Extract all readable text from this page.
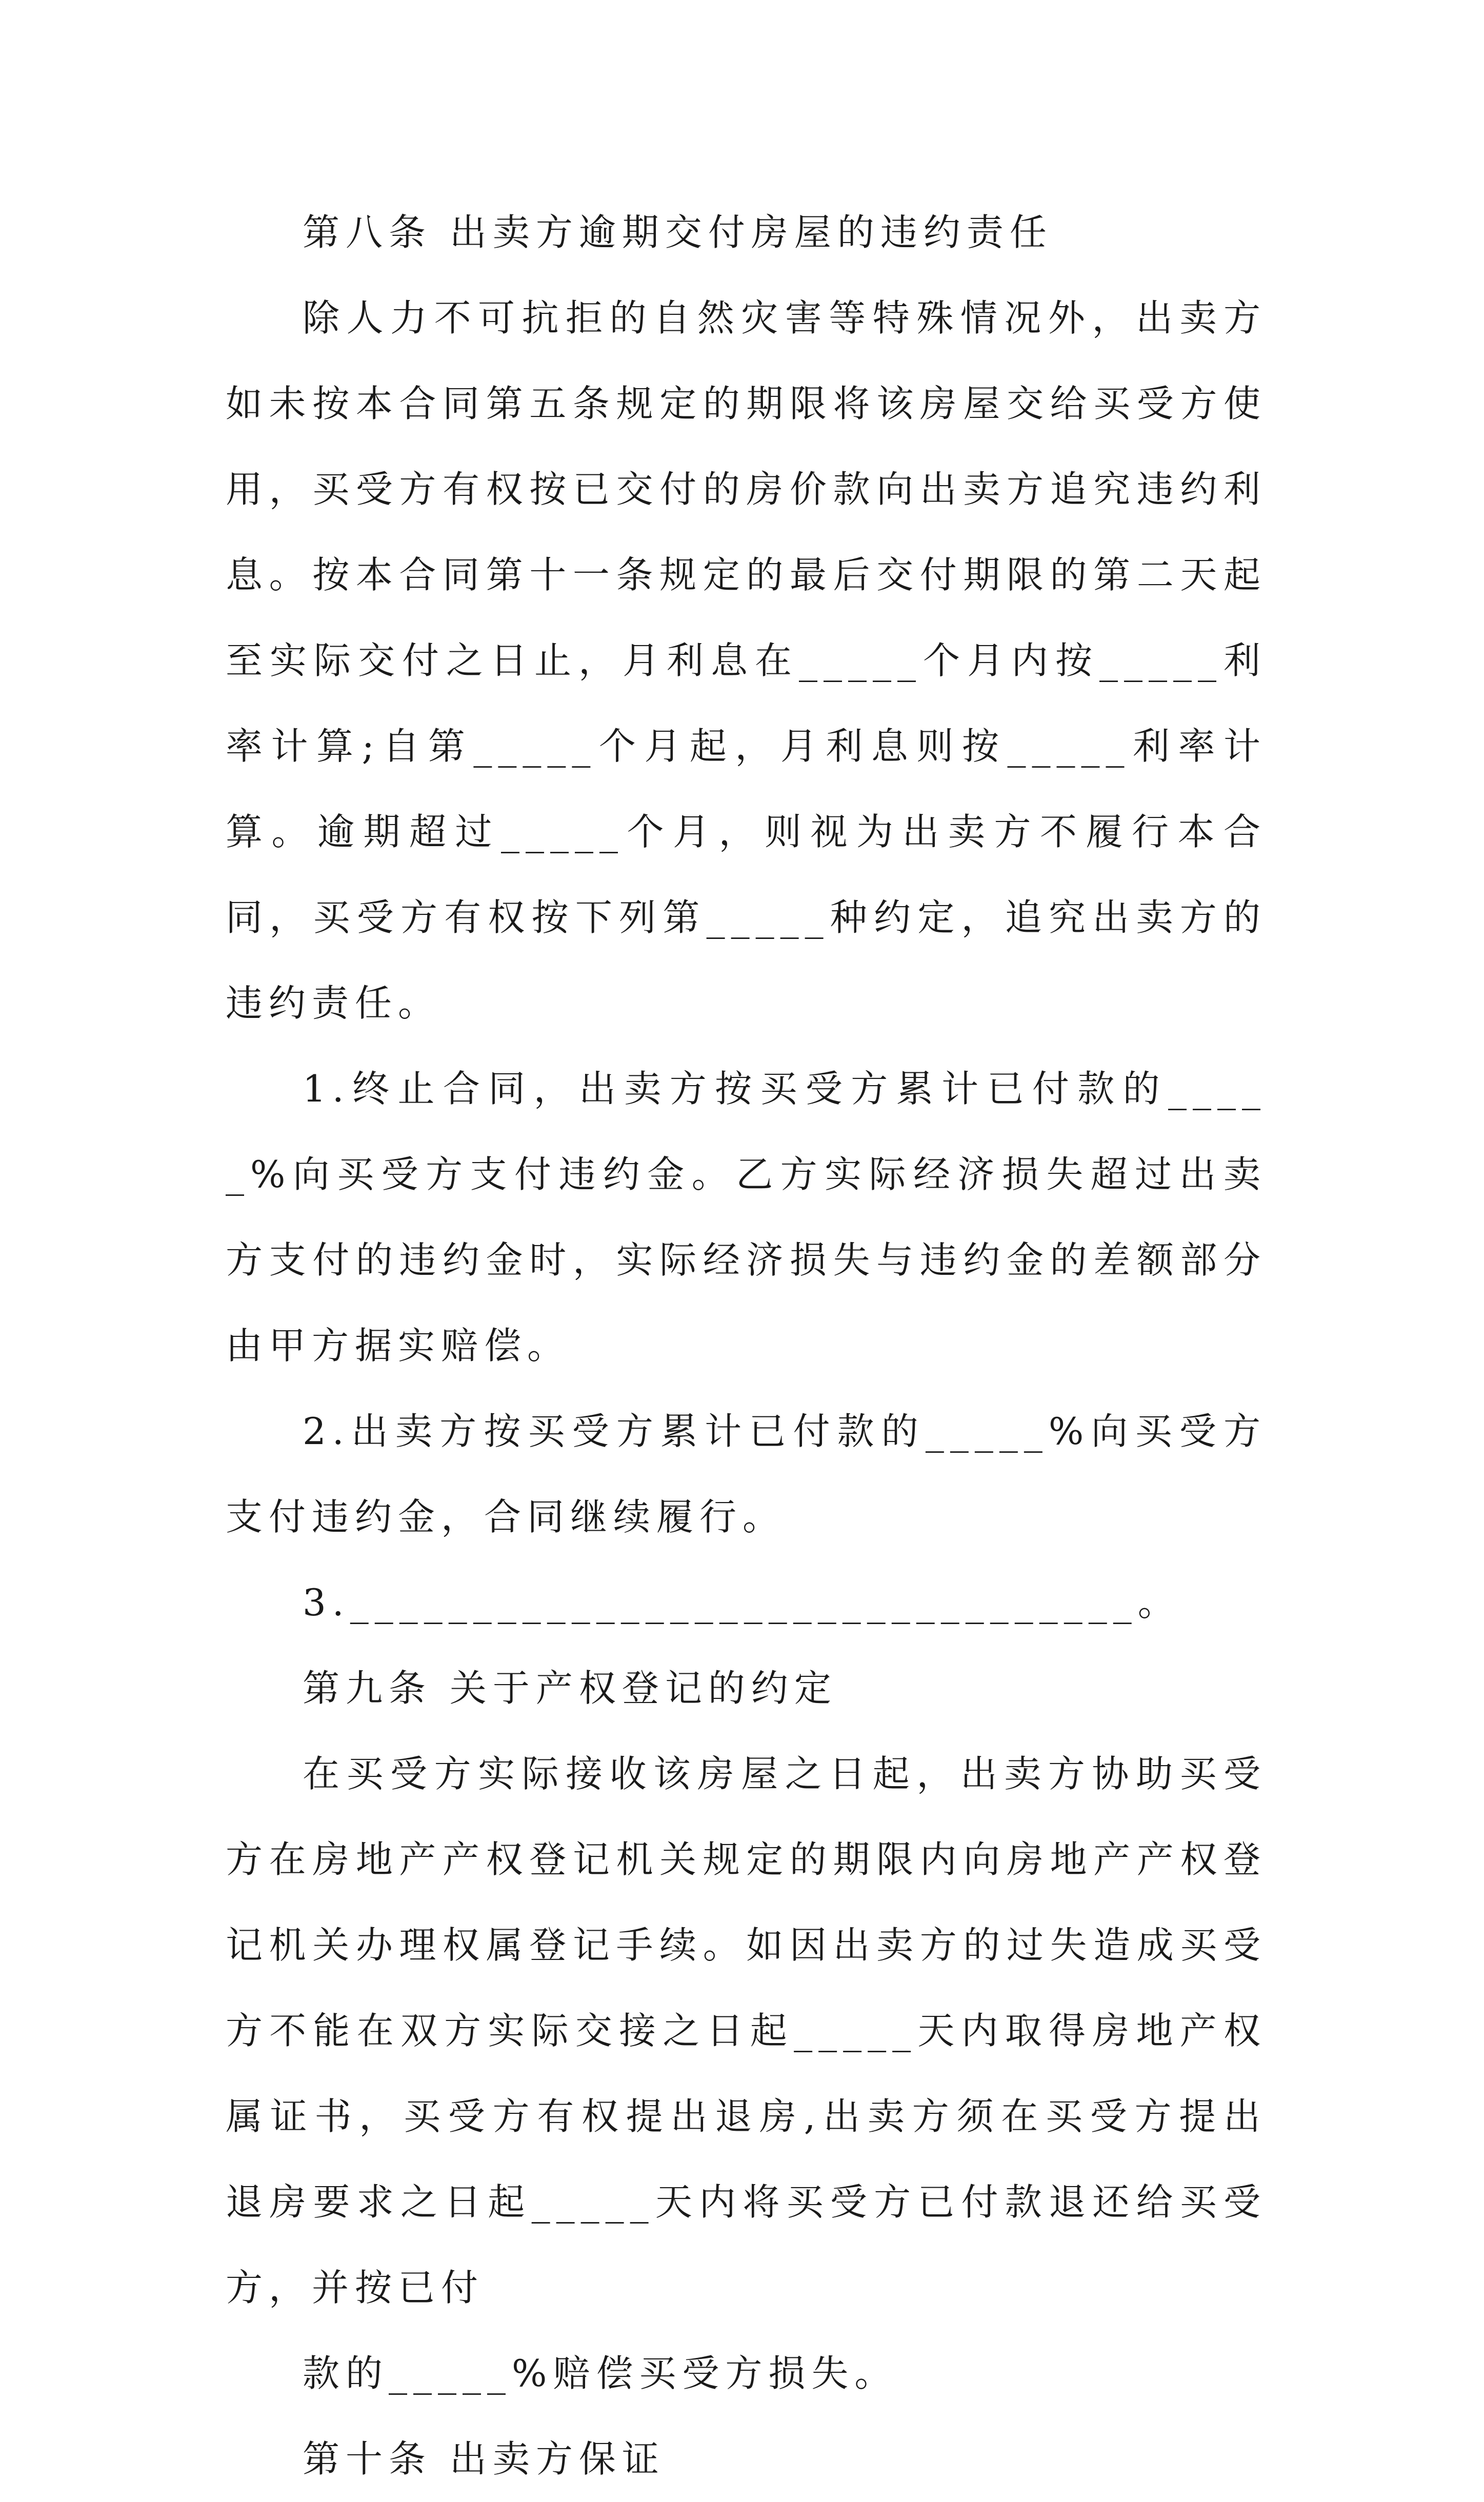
第八条 出卖方逾期交付房屋的违约责任

除人力不可抗拒的自然灾害等特殊情况外，出卖方如未按本合同第五条规定的期限将该房屋交给买受方使用，买受方有权按已交付的房价款向出卖方追究违约利息。按本合同第十一条规定的最后交付期限的第二天起至实际交付之日止，月利息在_____个月内按_____利率计算;自第_____个月起，月利息则按_____利率计算。逾期超过_____个月，则视为出卖方不履行本合同，买受方有权按下列第_____种约定，追究出卖方的违约责任。

1.终止合同，出卖方按买受方累计已付款的_____%向买受方支付违约金。乙方实际经济损失超过出卖方支付的违约金时，实际经济损失与违约金的差额部分由甲方据实赔偿。

2.出卖方按买受方累计已付款的_____%向买受方支付违约金，合同继续履行。

3.________________________________。

第九条 关于产权登记的约定

在买受方实际接收该房屋之日起，出卖方协助买受方在房地产产权登记机关规定的期限内向房地产产权登记机关办理权属登记手续。如因出卖方的过失造成买受方不能在双方实际交接之日起_____天内取得房地产权属证书，买受方有权提出退房,出卖方须在买受方提出退房要求之日起_____天内将买受方已付款退还给买受方，并按已付

款的_____%赔偿买受方损失。

第十条 出卖方保证
